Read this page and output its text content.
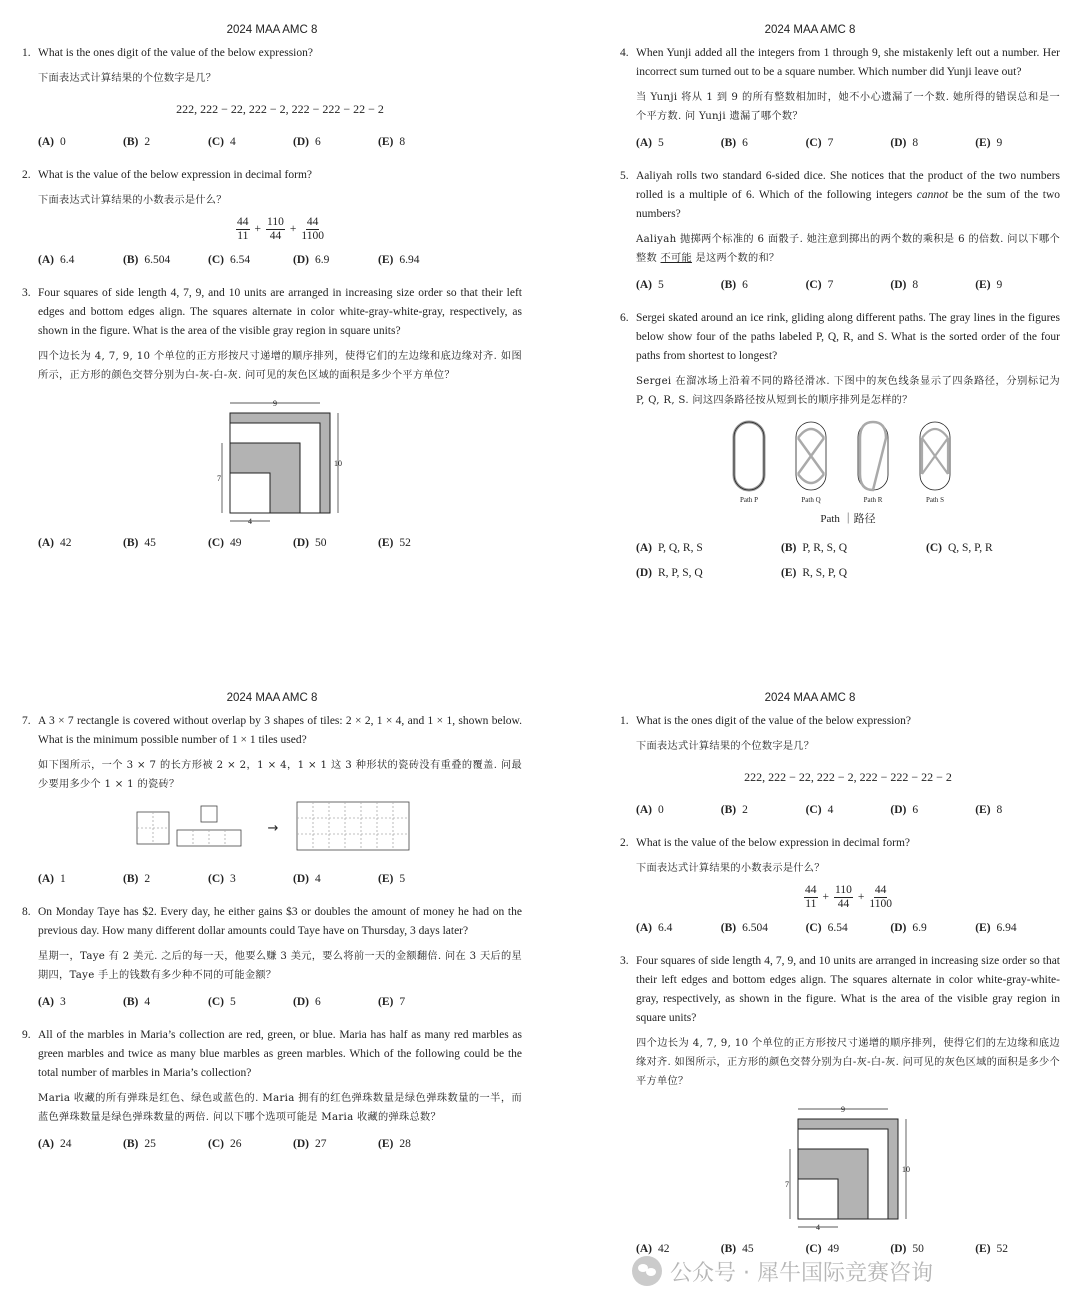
2024 MAA AMC 8
1. What is the ones digit of the value of the below expression?
下面表达式计算结果的个位数字是几？
222, 222 − 22, 222 − 2, 222 − 222 − 22 − 2
(A) 0	(B) 2	(C) 4	(D) 6	(E) 8
2. What is the value of the below expression in decimal form?
下面表达式计算结果的小数表示是什么？
$\frac{44}{11} + \frac{110}{44} + \frac{44}{1100}$
(A) 6.4	(B) 6.504	(C) 6.54	(D) 6.9	(E) 6.94
3. Four squares of side length 4, 7, 9, and 10 units are arranged in increasing size order so that their left edges and bottom edges align. The squares alternate in color white-gray-white-gray, respectively, as shown in the figure. What is the area of the visible gray region in square units?
四个边长为 4, 7, 9, 10 个单位的正方形按尺寸递增的顺序排列，使得它们的左边缘和底边缘对齐. 如图所示，正方形的颜色交替分别为白-灰-白-灰. 问可见的灰色区域的面积是多少个平方单位？
9
7
10
4
(A) 42	(B) 45	(C) 49	(D) 50	(E) 52
2024 MAA AMC 8
4. When Yunji added all the integers from 1 through 9, she mistakenly left out a number. Her incorrect sum turned out to be a square number. Which number did Yunji leave out?
当 Yunji 将从 1 到 9 的所有整数相加时，她不小心遗漏了一个数. 她所得的错误总和是一个平方数. 问 Yunji 遗漏了哪个数？
(A) 5	(B) 6	(C) 7	(D) 8	(E) 9
5. Aaliyah rolls two standard 6-sided dice. She notices that the product of the two numbers rolled is a multiple of 6. Which of the following integers cannot be the sum of the two numbers?
Aaliyah 抛掷两个标准的 6 面骰子. 她注意到掷出的两个数的乘积是 6 的倍数. 问以下哪个整数 不可能 是这两个数的和？
(A) 5	(B) 6	(C) 7	(D) 8	(E) 9
6. Sergei skated around an ice rink, gliding along different paths. The gray lines in the figures below show four of the paths labeled P, Q, R, and S. What is the sorted order of the four paths from shortest to longest?
Sergei 在溜冰场上沿着不同的路径滑冰. 下图中的灰色线条显示了四条路径，分别标记为 P, Q, R, S. 问这四条路径按从短到长的顺序排列是怎样的？
Path P	Path Q	Path R	Path S
Path ｜路径
(A) P, Q, R, S	(B) P, R, S, Q	(C) Q, S, P, R
(D) R, P, S, Q	(E) R, S, P, Q
2024 MAA AMC 8
7. A 3 × 7 rectangle is covered without overlap by 3 shapes of tiles: 2 × 2, 1 × 4, and 1 × 1, shown below. What is the minimum possible number of 1 × 1 tiles used?
如下图所示，一个 3 × 7 的长方形被 2 × 2，1 × 4，1 × 1 这 3 种形状的瓷砖没有重叠的覆盖. 问最少要用多少个 1 × 1 的瓷砖？
→
(A) 1	(B) 2	(C) 3	(D) 4	(E) 5
8. On Monday Taye has $2. Every day, he either gains $3 or doubles the amount of money he had on the previous day. How many different dollar amounts could Taye have on Thursday, 3 days later?
星期一，Taye 有 2 美元. 之后的每一天，他要么赚 3 美元，要么将前一天的金额翻倍. 问在 3 天后的星期四，Taye 手上的钱数有多少种不同的可能金额？
(A) 3	(B) 4	(C) 5	(D) 6	(E) 7
9. All of the marbles in Maria’s collection are red, green, or blue. Maria has half as many red marbles as green marbles and twice as many blue marbles as green marbles. Which of the following could be the total number of marbles in Maria’s collection?
Maria 收藏的所有弹珠是红色、绿色或蓝色的. Maria 拥有的红色弹珠数量是绿色弹珠数量的一半，而蓝色弹珠数量是绿色弹珠数量的两倍. 问以下哪个选项可能是 Maria 收藏的弹珠总数？
(A) 24	(B) 25	(C) 26	(D) 27	(E) 28
2024 MAA AMC 8
1. What is the ones digit of the value of the below expression?
下面表达式计算结果的个位数字是几？
222, 222 − 22, 222 − 2, 222 − 222 − 22 − 2
(A) 0	(B) 2	(C) 4	(D) 6	(E) 8
2. What is the value of the below expression in decimal form?
下面表达式计算结果的小数表示是什么？
$\frac{44}{11} + \frac{110}{44} + \frac{44}{1100}$
(A) 6.4	(B) 6.504	(C) 6.54	(D) 6.9	(E) 6.94
3. Four squares of side length 4, 7, 9, and 10 units are arranged in increasing size order so that their left edges and bottom edges align. The squares alternate in color white-gray-white-gray, respectively, as shown in the figure. What is the area of the visible gray region in square units?
四个边长为 4, 7, 9, 10 个单位的正方形按尺寸递增的顺序排列，使得它们的左边缘和底边缘对齐. 如图所示，正方形的颜色交替分别为白-灰-白-灰. 问可见的灰色区域的面积是多少个平方单位？
9
7
10
4
(A) 42	(B) 45	(C) 49	(D) 50	(E) 52
公众号 · 犀牛国际竞赛咨询
